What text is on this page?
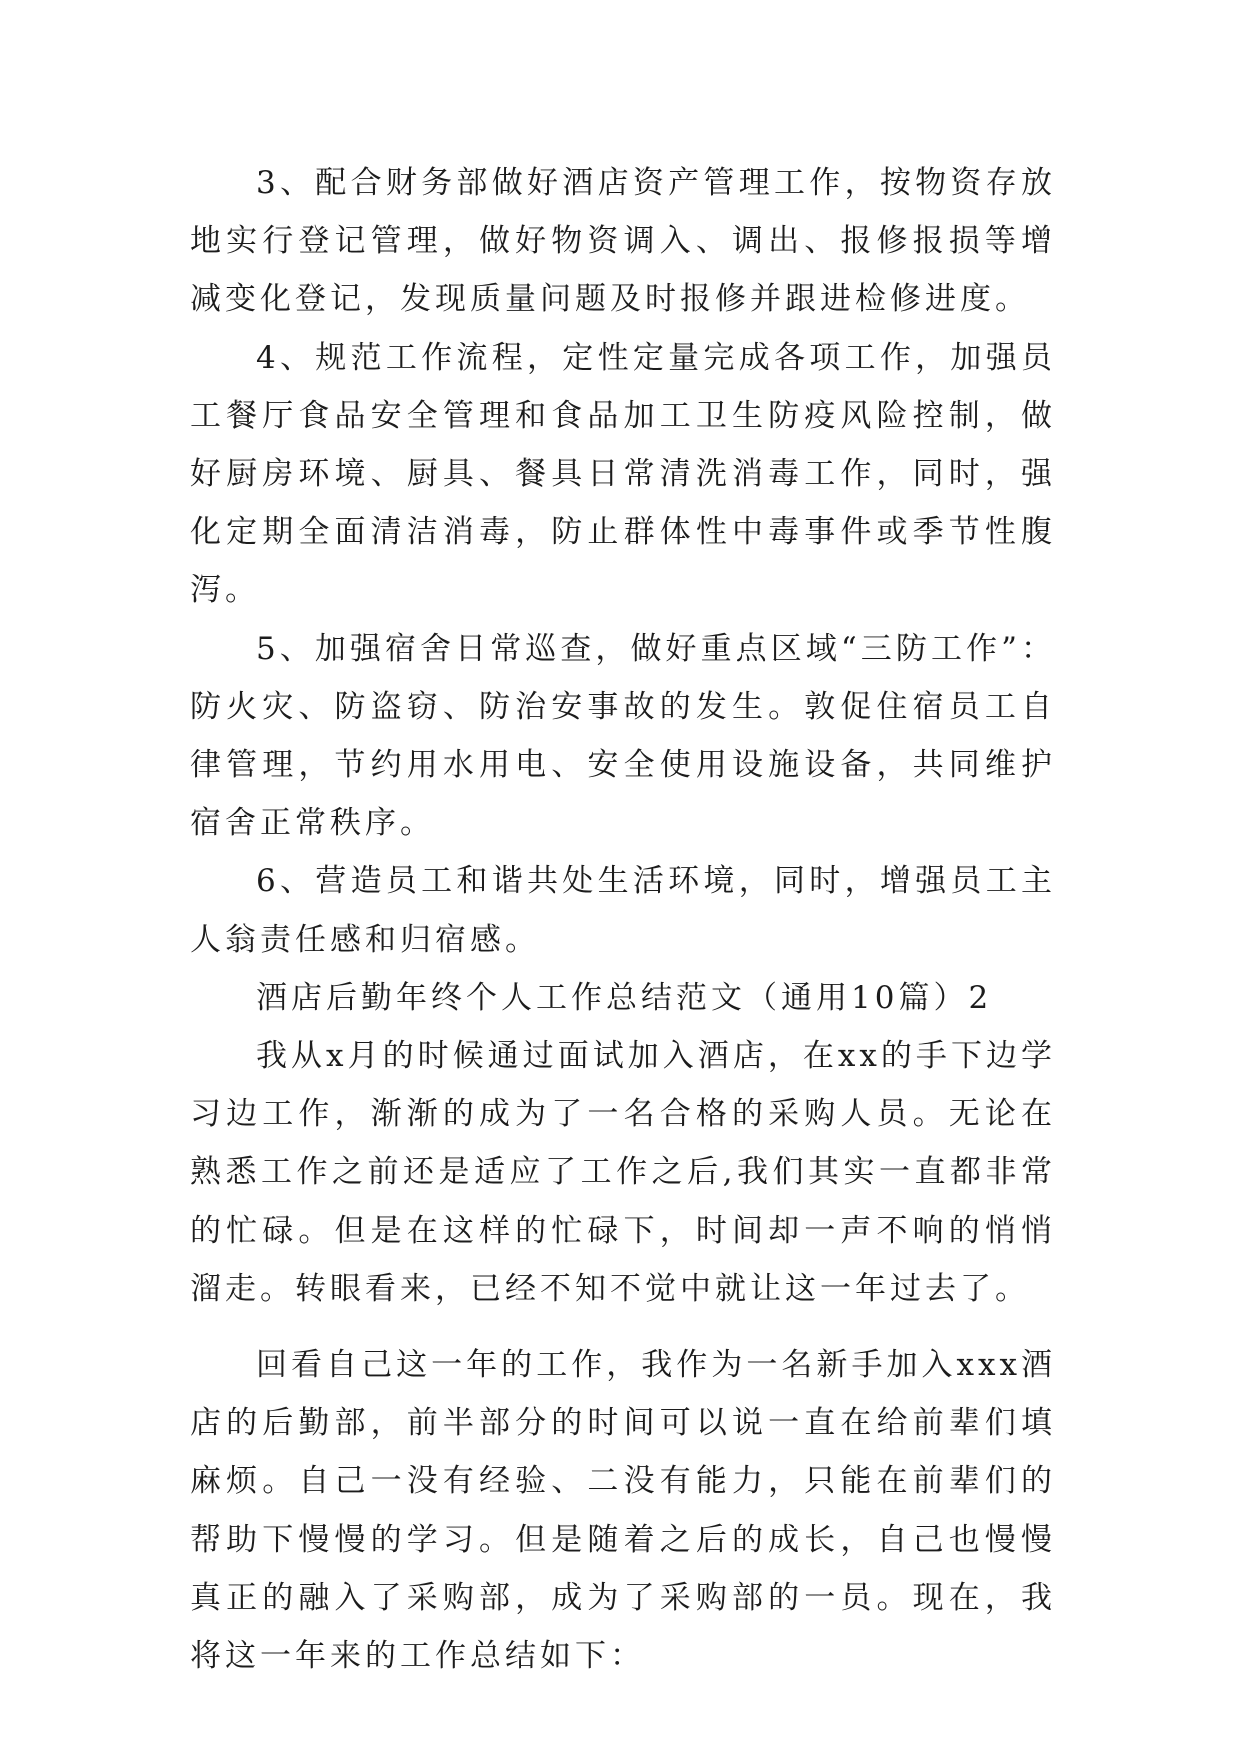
3、配合财务部做好酒店资产管理工作，按物资存放地实行登记管理，做好物资调入、调出、报修报损等增减变化登记，发现质量问题及时报修并跟进检修进度。

4、规范工作流程，定性定量完成各项工作，加强员工餐厅食品安全管理和食品加工卫生防疫风险控制，做好厨房环境、厨具、餐具日常清洗消毒工作，同时，强化定期全面清洁消毒，防止群体性中毒事件或季节性腹泻。

5、加强宿舍日常巡查，做好重点区域“三防工作”：防火灾、防盗窃、防治安事故的发生。敦促住宿员工自律管理，节约用水用电、安全使用设施设备，共同维护宿舍正常秩序。

6、营造员工和谐共处生活环境，同时，增强员工主人翁责任感和归宿感。

酒店后勤年终个人工作总结范文（通用10篇）2

我从x月的时候通过面试加入酒店，在xx的手下边学习边工作，渐渐的成为了一名合格的采购人员。无论在熟悉工作之前还是适应了工作之后,我们其实一直都非常的忙碌。但是在这样的忙碌下，时间却一声不响的悄悄溜走。转眼看来，已经不知不觉中就让这一年过去了。

回看自己这一年的工作，我作为一名新手加入xxx酒店的后勤部，前半部分的时间可以说一直在给前辈们填麻烦。自己一没有经验、二没有能力，只能在前辈们的帮助下慢慢的学习。但是随着之后的成长，自己也慢慢真正的融入了采购部，成为了采购部的一员。现在，我将这一年来的工作总结如下：
